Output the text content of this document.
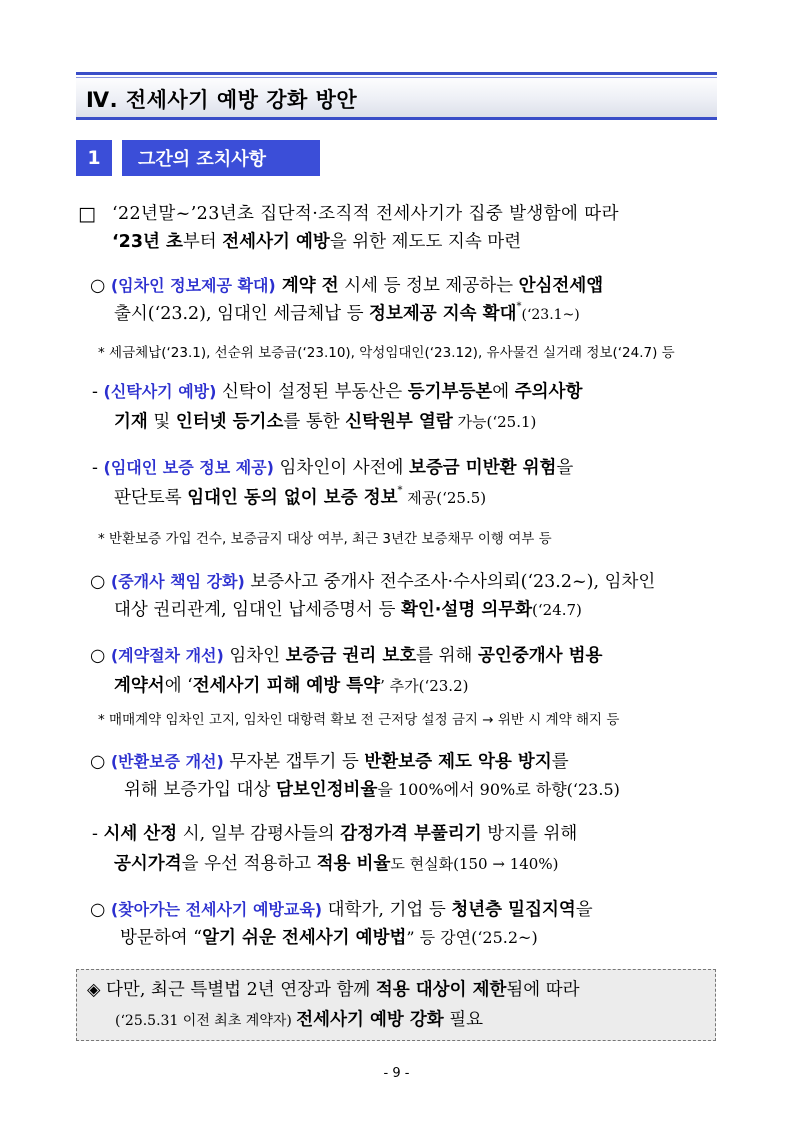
Ⅳ. 전세사기 예방 강화 방안
1	그간의 조치사항
□ ‘22년말~’23년초 집단적·조직적 전세사기가 집중 발생함에 따라
‘23년 초부터 전세사기 예방을 위한 제도도 지속 마련
○ (임차인 정보제공 확대) 계약 전 시세 등 정보 제공하는 안심전세앱
출시(‘23.2), 임대인 세금체납 등 정보제공 지속 확대*(‘23.1~)
* 세금체납(‘23.1), 선순위 보증금(‘23.10), 악성임대인(‘23.12), 유사물건 실거래 정보(‘24.7) 등
- (신탁사기 예방) 신탁이 설정된 부동산은 등기부등본에 주의사항
기재 및 인터넷 등기소를 통한 신탁원부 열람 가능(‘25.1)
- (임대인 보증 정보 제공) 임차인이 사전에 보증금 미반환 위험을
판단토록 임대인 동의 없이 보증 정보* 제공(‘25.5)
* 반환보증 가입 건수, 보증금지 대상 여부, 최근 3년간 보증채무 이행 여부 등
○ (중개사 책임 강화) 보증사고 중개사 전수조사·수사의뢰(‘23.2~), 임차인
대상 권리관계, 임대인 납세증명서 등 확인·설명 의무화(‘24.7)
○ (계약절차 개선) 임차인 보증금 권리 보호를 위해 공인중개사 범용
계약서에 ‘전세사기 피해 예방 특약’ 추가(‘23.2)
* 매매계약 임차인 고지, 임차인 대항력 확보 전 근저당 설정 금지 → 위반 시 계약 해지 등
○ (반환보증 개선) 무자본 갭투기 등 반환보증 제도 악용 방지를
위해 보증가입 대상 담보인정비율을 100%에서 90%로 하향(‘23.5)
- 시세 산정 시, 일부 감평사들의 감정가격 부풀리기 방지를 위해
공시가격을 우선 적용하고 적용 비율도 현실화(150 → 140%)
○ (찾아가는 전세사기 예방교육) 대학가, 기업 등 청년층 밀집지역을
방문하여 “알기 쉬운 전세사기 예방법” 등 강연(‘25.2~)
◈ 다만, 최근 특별법 2년 연장과 함께 적용 대상이 제한됨에 따라
(‘25.5.31 이전 최초 계약자) 전세사기 예방 강화 필요
- 9 -
